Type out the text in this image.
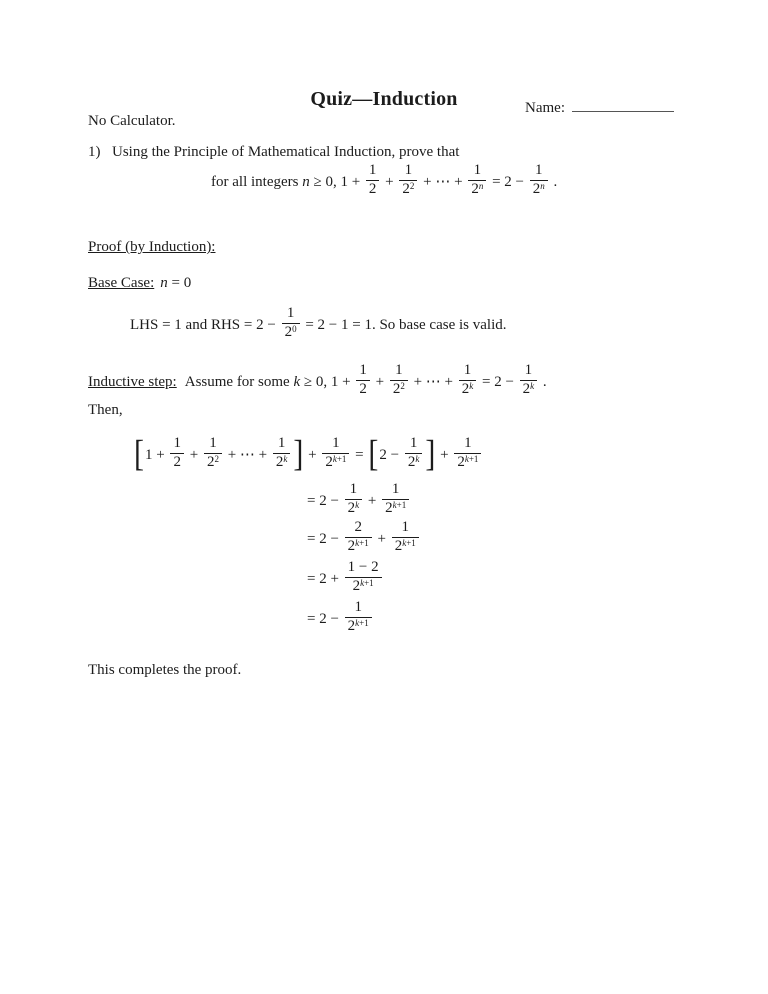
Quiz—Induction	Name:
No Calculator.
1) Using the Principle of Mathematical Induction, prove that
for all integers n ≥ 0, $1 + \frac{1}{2} + \frac{1}{2^2}$ + ⋯ + $\frac{1}{2^n} = 2 - \frac{1}{2^n}$ .
Proof (by Induction):
Base Case: n = 0
LHS = 1 and RHS = $2 - \frac{1}{2^0} = 2 - 1 = 1$. So base case is valid.
Inductive step: Assume for some k ≥ 0, $1 + \frac{1}{2} + \frac{1}{2^2}$ + ⋯ + $\frac{1}{2^k} = 2 - \frac{1}{2^k}$ .
Then,
[$1 + \frac{1}{2} + \frac{1}{2^2}$ + ⋯ + $\frac{1}{2^k}$ ] + $\frac{1}{2^{k+1}} = [2 - \frac{1}{2^k}$ ] + $\frac{1}{2^{k+1}}$
= $2 - \frac{1}{2^k} + \frac{1}{2^{k+1}}$
= $2 - \frac{2}{2^{k+1}} + \frac{1}{2^{k+1}}$
= $2 + \frac{1 - 2}{2^{k+1}}$
= $2 - \frac{1}{2^{k+1}}$
This completes the proof.
